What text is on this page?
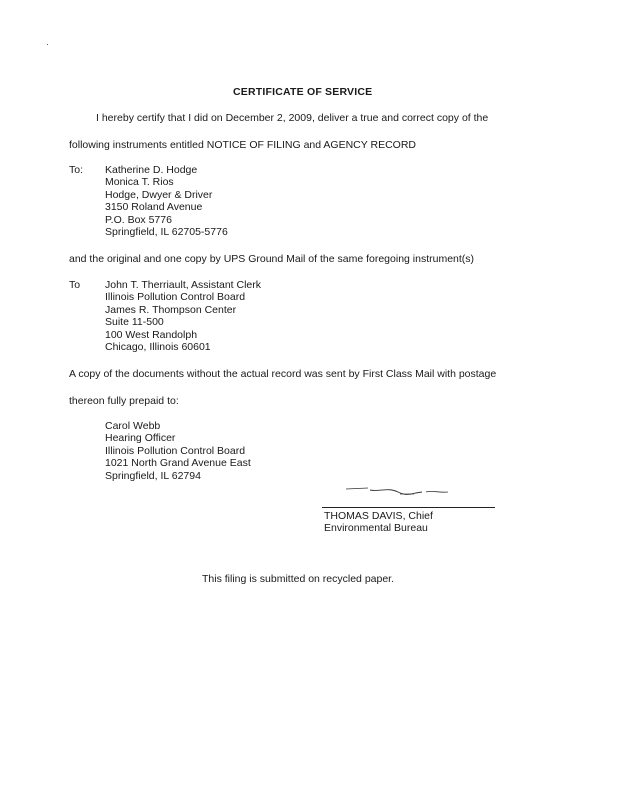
CERTIFICATE OF SERVICE
I hereby certify that I did on December 2, 2009, deliver a true and correct copy of the
following instruments entitled NOTICE OF FILING and AGENCY RECORD
To:	Katherine D. Hodge
Monica T. Rios
Hodge, Dwyer & Driver
3150 Roland Avenue
P.O. Box 5776
Springfield, IL 62705-5776
and the original and one copy by UPS Ground Mail of the same foregoing instrument(s)
To	John T. Therriault, Assistant Clerk
Illinois Pollution Control Board
James R. Thompson Center
Suite 11-500
100 West Randolph
Chicago, Illinois 60601
A copy of the documents without the actual record was sent by First Class Mail with postage
thereon fully prepaid to:
Carol Webb
Hearing Officer
Illinois Pollution Control Board
1021 North Grand Avenue East
Springfield, IL 62794
THOMAS DAVIS, Chief
Environmental Bureau
This filing is submitted on recycled paper.
